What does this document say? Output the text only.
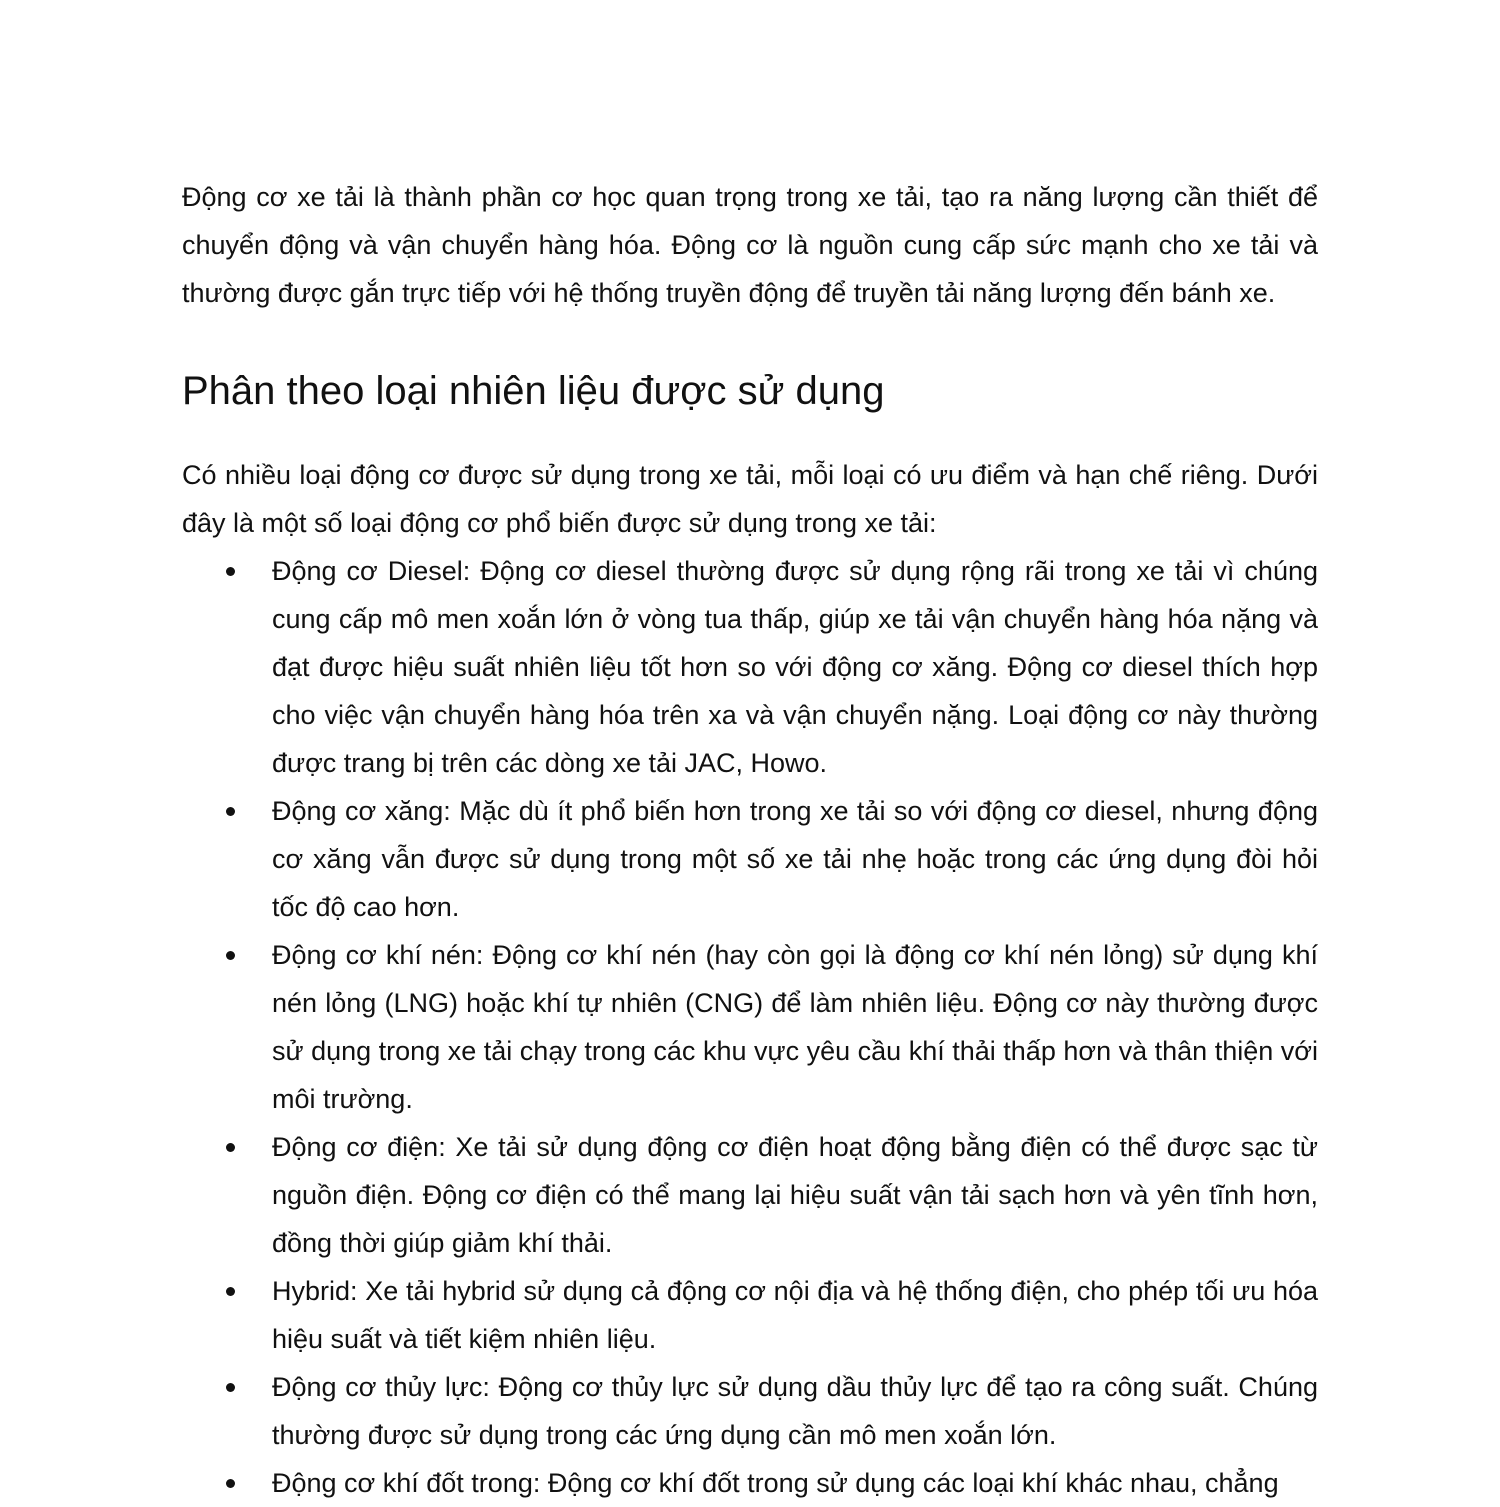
Động cơ xe tải là thành phần cơ học quan trọng trong xe tải, tạo ra năng lượng cần thiết để chuyển động và vận chuyển hàng hóa. Động cơ là nguồn cung cấp sức mạnh cho xe tải và thường được gắn trực tiếp với hệ thống truyền động để truyền tải năng lượng đến bánh xe.

Phân theo loại nhiên liệu được sử dụng

Có nhiều loại động cơ được sử dụng trong xe tải, mỗi loại có ưu điểm và hạn chế riêng. Dưới đây là một số loại động cơ phổ biến được sử dụng trong xe tải:

Động cơ Diesel: Động cơ diesel thường được sử dụng rộng rãi trong xe tải vì chúng cung cấp mô men xoắn lớn ở vòng tua thấp, giúp xe tải vận chuyển hàng hóa nặng và đạt được hiệu suất nhiên liệu tốt hơn so với động cơ xăng. Động cơ diesel thích hợp cho việc vận chuyển hàng hóa trên xa và vận chuyển nặng. Loại động cơ này thường được trang bị trên các dòng xe tải JAC, Howo.
Động cơ xăng: Mặc dù ít phổ biến hơn trong xe tải so với động cơ diesel, nhưng động cơ xăng vẫn được sử dụng trong một số xe tải nhẹ hoặc trong các ứng dụng đòi hỏi tốc độ cao hơn.
Động cơ khí nén: Động cơ khí nén (hay còn gọi là động cơ khí nén lỏng) sử dụng khí nén lỏng (LNG) hoặc khí tự nhiên (CNG) để làm nhiên liệu. Động cơ này thường được sử dụng trong xe tải chạy trong các khu vực yêu cầu khí thải thấp hơn và thân thiện với môi trường.
Động cơ điện: Xe tải sử dụng động cơ điện hoạt động bằng điện có thể được sạc từ nguồn điện. Động cơ điện có thể mang lại hiệu suất vận tải sạch hơn và yên tĩnh hơn, đồng thời giúp giảm khí thải.
Hybrid: Xe tải hybrid sử dụng cả động cơ nội địa và hệ thống điện, cho phép tối ưu hóa hiệu suất và tiết kiệm nhiên liệu.
Động cơ thủy lực: Động cơ thủy lực sử dụng dầu thủy lực để tạo ra công suất. Chúng thường được sử dụng trong các ứng dụng cần mô men xoắn lớn.
Động cơ khí đốt trong: Động cơ khí đốt trong sử dụng các loại khí khác nhau, chẳng
